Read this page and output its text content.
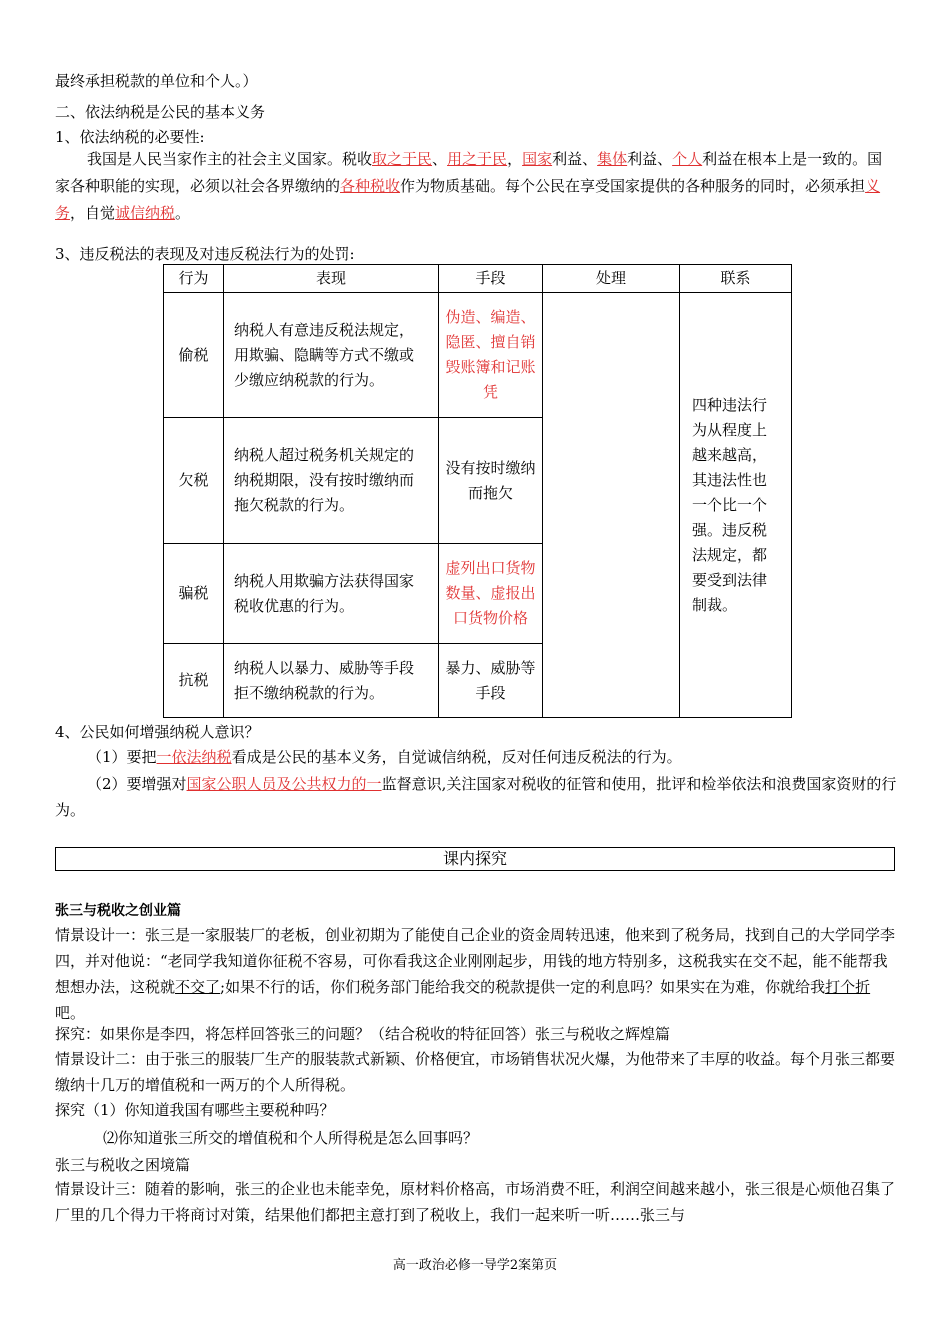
最终承担税款的单位和个人。）
二、依法纳税是公民的基本义务
1、依法纳税的必要性:
我国是人民当家作主的社会主义国家。税收取之于民、用之于民，国家利益、集体利益、个人利益在根本上是一致的。国家各种职能的实现，必须以社会各界缴纳的各种税收作为物质基础。每个公民在享受国家提供的各种服务的同时，必须承担义务，自觉诚信纳税。
3、违反税法的表现及对违反税法行为的处罚:
行为	表现	手段	处理	联系
偷税	纳税人有意违反税法规定，用欺骗、隐瞒等方式不缴或少缴应纳税款的行为。	伪造、编造、隐匿、擅自销毁账簿和记账凭		四种违法行为从程度上越来越高，其违法性也一个比一个强。违反税法规定，都要受到法律制裁。
欠税	纳税人超过税务机关规定的纳税期限，没有按时缴纳而拖欠税款的行为。	没有按时缴纳而拖欠		
骗税	纳税人用欺骗方法获得国家税收优惠的行为。	虚列出口货物数量、虚报出口货物价格		
抗税	纳税人以暴力、威胁等手段拒不缴纳税款的行为。	暴力、威胁等手段		
4、公民如何增强纳税人意识？
（1）要把一依法纳税看成是公民的基本义务，自觉诚信纳税，反对任何违反税法的行为。
（2）要增强对国家公职人员及公共权力的一监督意识,关注国家对税收的征管和使用，批评和检举依法和浪费国家资财的行为。
课内探究
张三与税收之创业篇
情景设计一：张三是一家服装厂的老板，创业初期为了能使自己企业的资金周转迅速，他来到了税务局，找到自己的大学同学李四，并对他说：“老同学我知道你征税不容易，可你看我这企业刚刚起步，用钱的地方特别多，这税我实在交不起，能不能帮我想想办法，这税就不交了;如果不行的话，你们税务部门能给我交的税款提供一定的利息吗？如果实在为难，你就给我打个折吧。
探究：如果你是李四，将怎样回答张三的问题？（结合税收的特征回答）张三与税收之辉煌篇
情景设计二：由于张三的服装厂生产的服装款式新颖、价格便宜，市场销售状况火爆，为他带来了丰厚的收益。每个月张三都要缴纳十几万的增值税和一两万的个人所得税。
探究（1）你知道我国有哪些主要税种吗？
⑵你知道张三所交的增值税和个人所得税是怎么回事吗？
张三与税收之困境篇
情景设计三：随着的影响，张三的企业也未能幸免，原材料价格高，市场消费不旺，利润空间越来越小，张三很是心烦他召集了厂里的几个得力干将商讨对策，结果他们都把主意打到了税收上，我们一起来听一听……张三与
高一政治必修一导学2案第页
